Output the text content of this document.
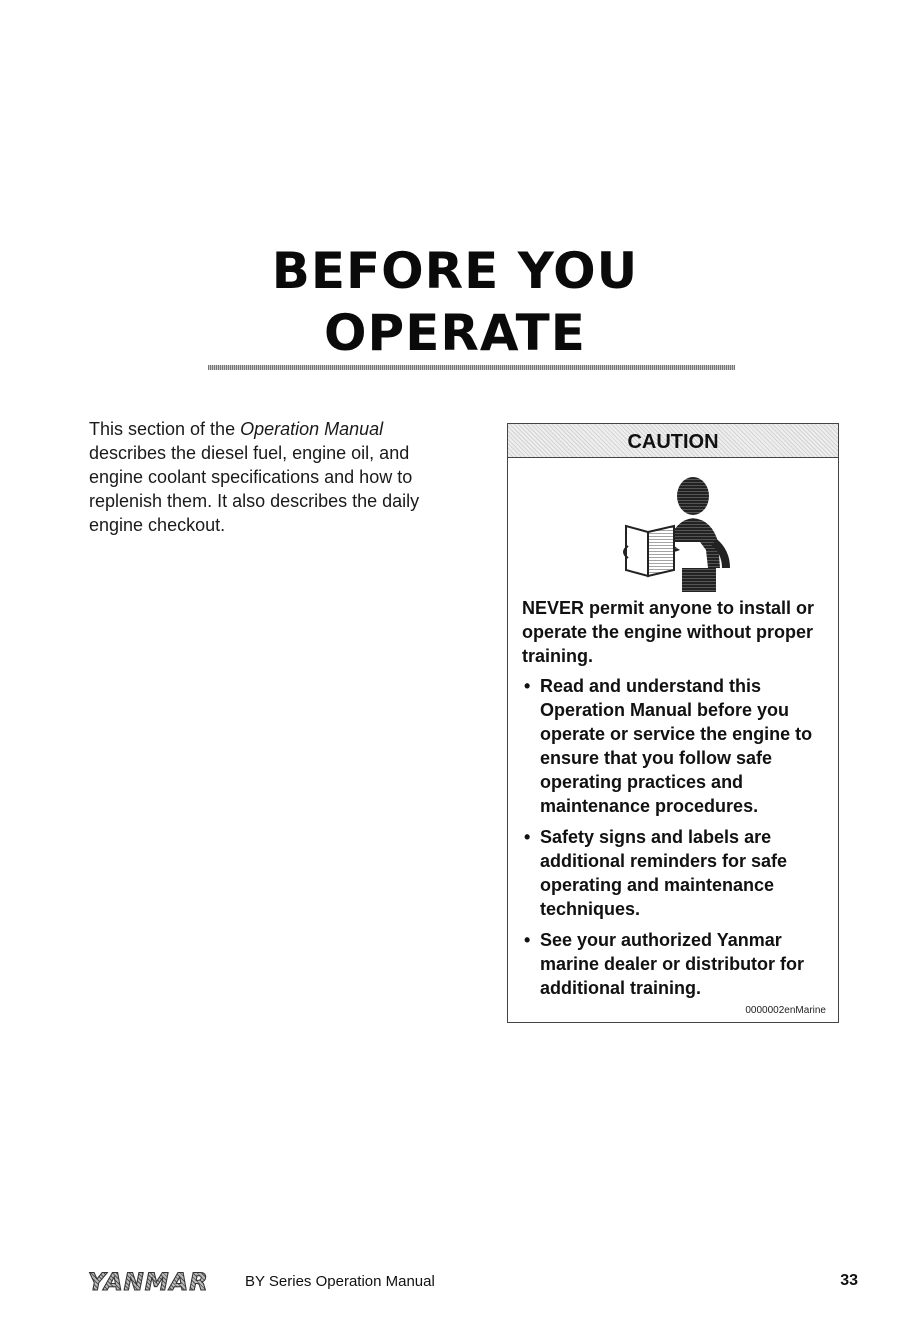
BEFORE YOU
OPERATE
This section of the Operation Manual describes the diesel fuel, engine oil, and engine coolant specifications and how to replenish them. It also describes the daily engine checkout.
CAUTION

NEVER permit anyone to install or operate the engine without proper training.

• Read and understand this Operation Manual before you operate or service the engine to ensure that you follow safe operating practices and maintenance procedures.
• Safety signs and labels are additional reminders for safe operating and maintenance techniques.
• See your authorized Yanmar marine dealer or distributor for additional training.
0000002enMarine
YANMAR BY Series Operation Manual	33
